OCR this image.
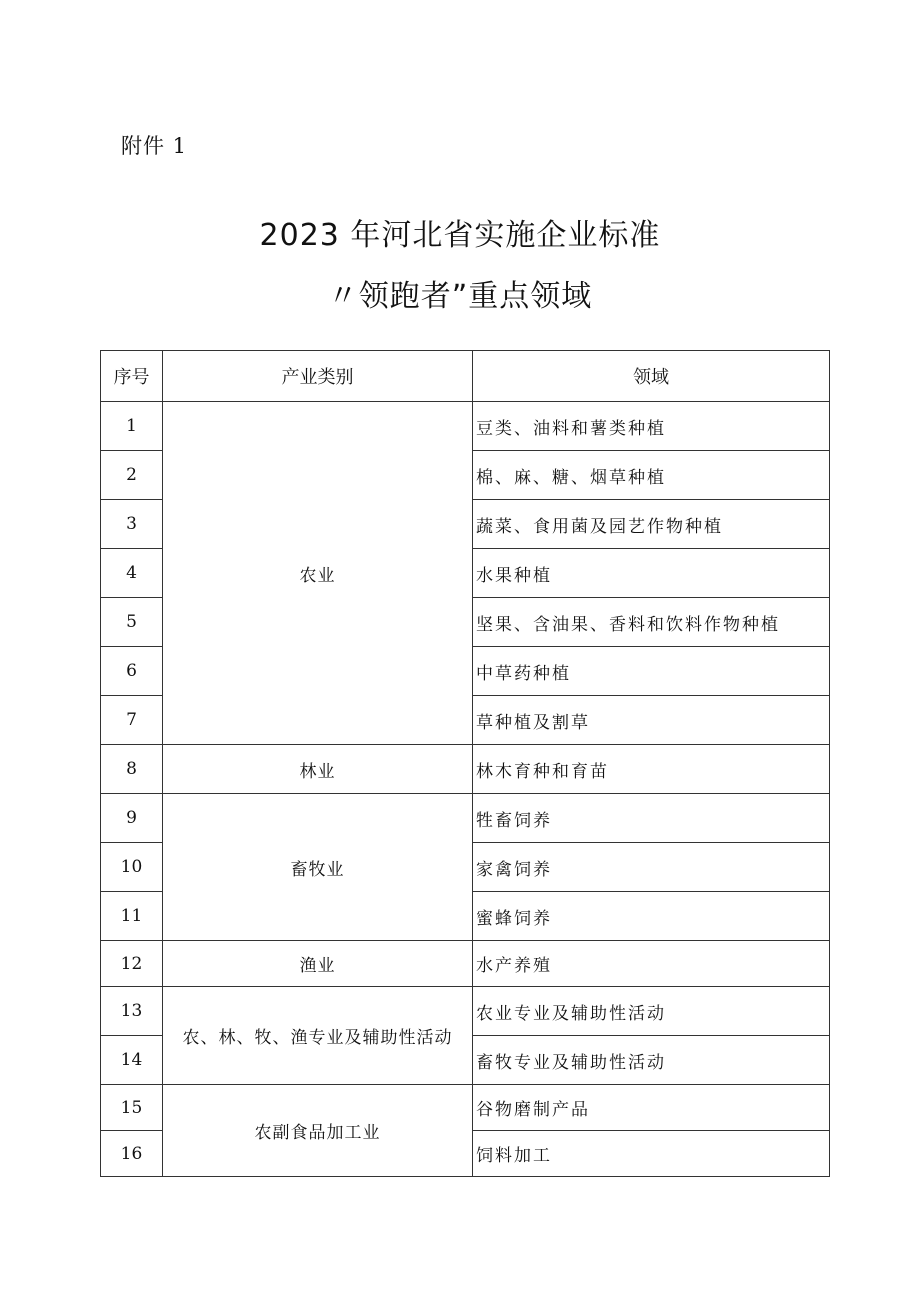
附件 1
2023 年河北省实施企业标准
〃领跑者”重点领域
序号	产业类别	领域
1	农业	豆类、油料和薯类种植
2		棉、麻、糖、烟草种植
3		蔬菜、食用菌及园艺作物种植
4		水果种植
5		坚果、含油果、香料和饮料作物种植
6		中草药种植
7		草种植及割草
8	林业	林木育种和育苗
9	畜牧业	牲畜饲养
10		家禽饲养
11		蜜蜂饲养
12	渔业	水产养殖
13	农、林、牧、渔专业及辅助性活动	农业专业及辅助性活动
14		畜牧专业及辅助性活动
15	农副食品加工业	谷物磨制产品
16		饲料加工
